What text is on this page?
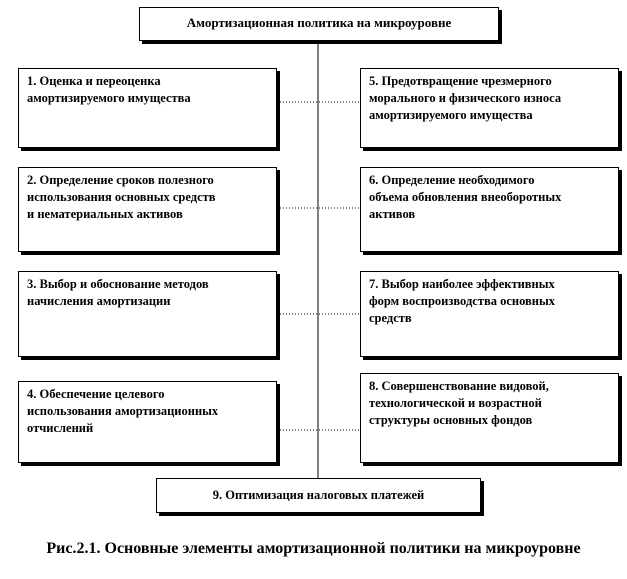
Амортизационная политика на микроуровне
1. Оценка и переоценка
амортизируемого имущества
2. Определение сроков полезного
использования основных средств
и нематериальных активов
3. Выбор и обоснование методов
начисления амортизации
4. Обеспечение целевого
использования амортизационных
отчислений
5. Предотвращение чрезмерного
морального и физического износа
амортизируемого имущества
6. Определение необходимого
объема обновления внеоборотных
активов
7. Выбор наиболее эффективных
форм воспроизводства основных
средств
8. Совершенствование видовой,
технологической и возрастной
структуры основных фондов
9. Оптимизация налоговых платежей
Рис.2.1. Основные элементы амортизационной политики на микроуровне
